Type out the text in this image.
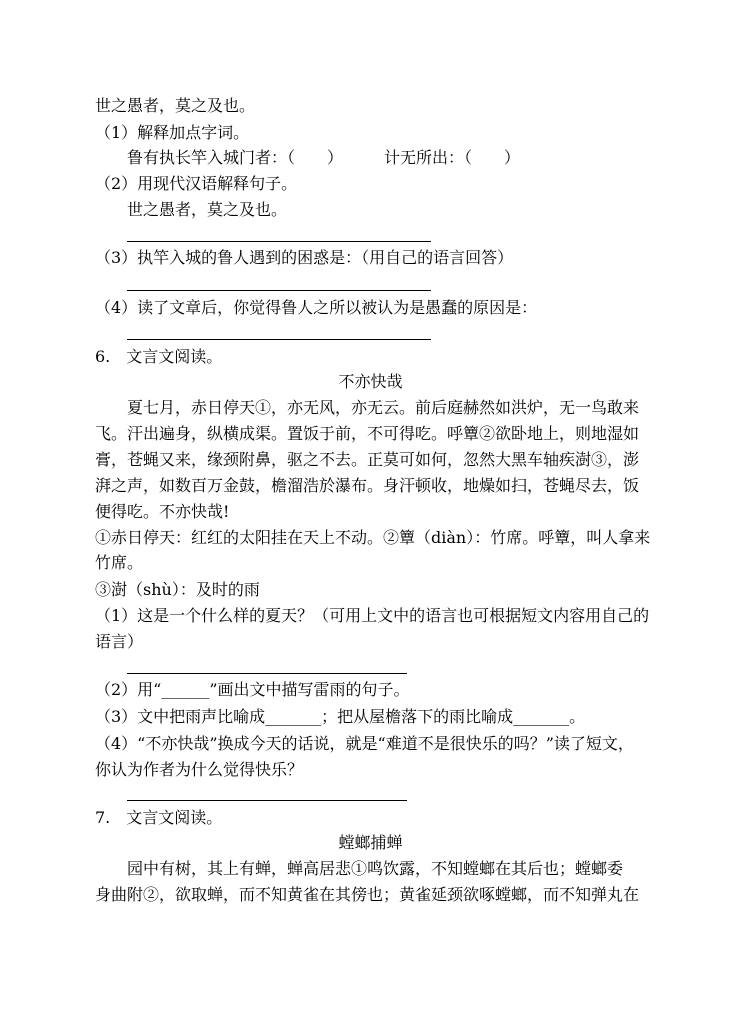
世之愚者，莫之及也。
（1）解释加点字词。
鲁有执长竿入城门者：（　　）	计无所出：（　　）
（2）用现代汉语解释句子。
世之愚者，莫之及也。
（3）执竿入城的鲁人遇到的困惑是：（用自己的语言回答）
（4）读了文章后，你觉得鲁人之所以被认为是愚蠢的原因是：
6.　文言文阅读。
不亦快哉
　　夏七月，赤日停天①，亦无风，亦无云。前后庭赫然如洪炉，无一鸟敢来
飞。汗出遍身，纵横成渠。置饭于前，不可得吃。呼簟②欲卧地上，则地湿如
膏，苍蝇又来，缘颈附鼻，驱之不去。正莫可如何，忽然大黑车轴疾澍③，澎
湃之声，如数百万金鼓，檐溜浩於瀑布。身汗顿收，地燥如扫，苍蝇尽去，饭
便得吃。不亦快哉!
①赤日停天：红红的太阳挂在天上不动。②簟（diàn）：竹席。呼簟，叫人拿来
竹席。
③澍（shù）：及时的雨
（1）这是一个什么样的夏天？（可用上文中的语言也可根据短文内容用自己的
语言）
（2）用“______”画出文中描写雷雨的句子。
（3）文中把雨声比喻成_______；把从屋檐落下的雨比喻成_______。
（4）“不亦快哉”换成今天的话说，就是“难道不是很快乐的吗？”读了短文，
你认为作者为什么觉得快乐？
7.　文言文阅读。
螳螂捕蝉
　　园中有树，其上有蝉，蝉高居悲①鸣饮露，不知螳螂在其后也；螳螂委
身曲附②，欲取蝉，而不知黄雀在其傍也；黄雀延颈欲啄螳螂，而不知弹丸在
